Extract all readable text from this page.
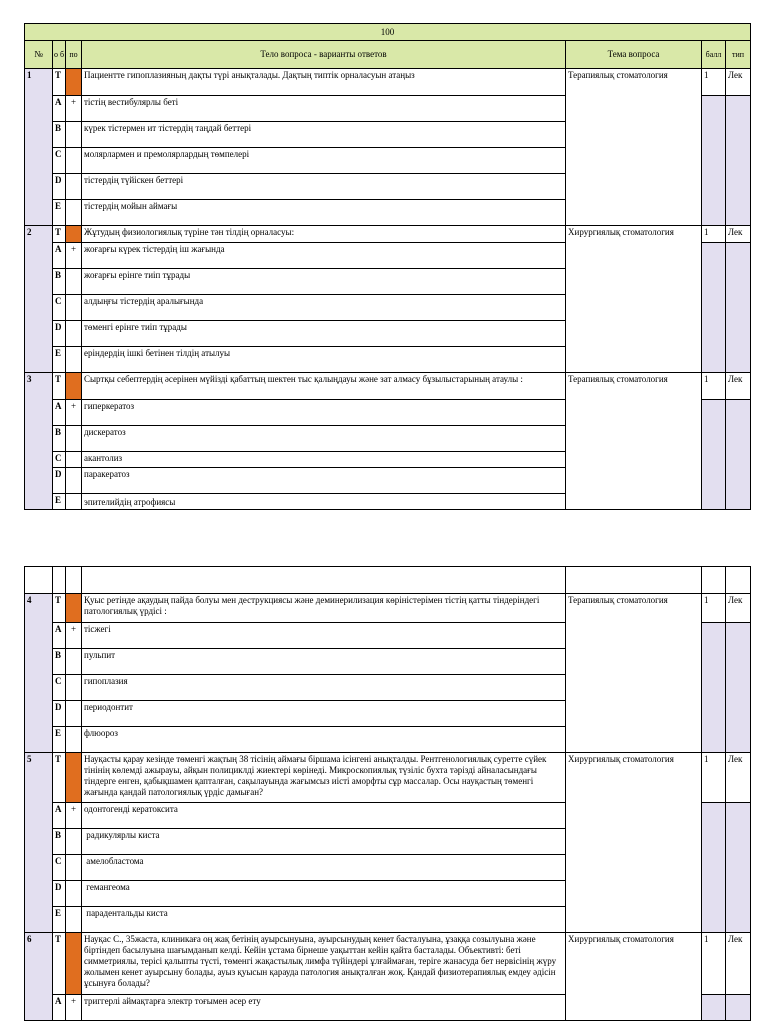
100						
№	о б	по	Тело вопроса - варианты ответов	Тема вопроса	балл	тип
1	T		Пациентте гипоплазияның дақты түрі анықталады. Дақтың типтік орналасуын атаңыз	Терапиялық стоматология	1	Лек
	A	+	тістің вестибулярлы беті			
	B		күрек тістермен ит тістердің таңдай беттері			
	C		молярлармен и премолярлардың төмпелері			
	D		тістердің түйіскен беттері			
	E		тістердің мойын аймағы			
2	T		Жұтудың физиологиялық түріне тән тілдің орналасуы:	Хирургиялық стоматология	1	Лек
	A	+	жоғарғы күрек тістердің іш жағында			
	B		жоғарғы ерінге тиіп тұрады			
	C		алдыңғы тістердің аралығында			
	D		төменгі ерінге тиіп тұрады			
	E		еріндердің ішкі бетінен тілдің атылуы			
3	T		Сыртқы себептердің әсерінен мүйізді қабаттың шектен тыс қалыңдауы және зат алмасу бұзылыстарының атаулы :	Терапиялық стоматология	1	Лек
	A	+	гиперкератоз			
	B		дискератоз			
	C		акантолиз			
	D		паракератоз			
	E		эпителийдің атрофиясы			

4	T		Қуыс ретінде ақаудың пайда болуы мен деструкциясы және деминерилизация көрініcтерімен тістің қатты тіндеріндегі патологиялық үрдісі :	Терапиялық стоматология	1	Лек
	A	+	тісжегі			
	B		пульпит			
	C		гипоплазия			
	D		периодонтит			
	E		флюороз			
5	T		Науқасты қарау кезінде төменгі жақтың 38 тісінің аймағы біршама ісінгені анықталды. Рентгенологиялық суретте сүйек тінінің көлемді ажырауы, айқын полициклді жиектері көрінеді. Микроскопиялық түзіліс бухта тәрізді айналасындағы тіндерге енген, қабықшамен қапталған, сақылауында жағымсыз иісті аморфты сұр массалар. Осы науқастың төменгі жағында қандай патологиялық үрдіс дамыған?	Хирургиялық стоматология	1	Лек
	A	+	одонтогенді кератоксита			
	B		радикулярлы киста			
	C		амелобластома			
	D		гемангеома			
	E		парадентальды киста			
6	T		Науқас С., 35жаста, клиникаға оң жақ бетінің ауырсынуына, ауырсынудың кенет басталуына, ұзаққа созылуына және біртіндеп басылуына шағымданып келді. Кейін ұстама бірнеше уақыттан кейін қайта басталады. Объективті: беті симметриялы, терісі қалыпты түсті, төменгі жақастылық лимфа түйіндері ұлғаймаған, теріге жанасуда бет нервісінің жүру жолымен кенет ауырсыну болады, ауыз қуысын қарауда патология анықталған жоқ. Қандай физиотерапиялық емдеу әдісін ұсынуға болады?	Хирургиялық стоматология	1	Лек
	A	+	триггерлі аймақтарға электр тоғымен әсер ету			
